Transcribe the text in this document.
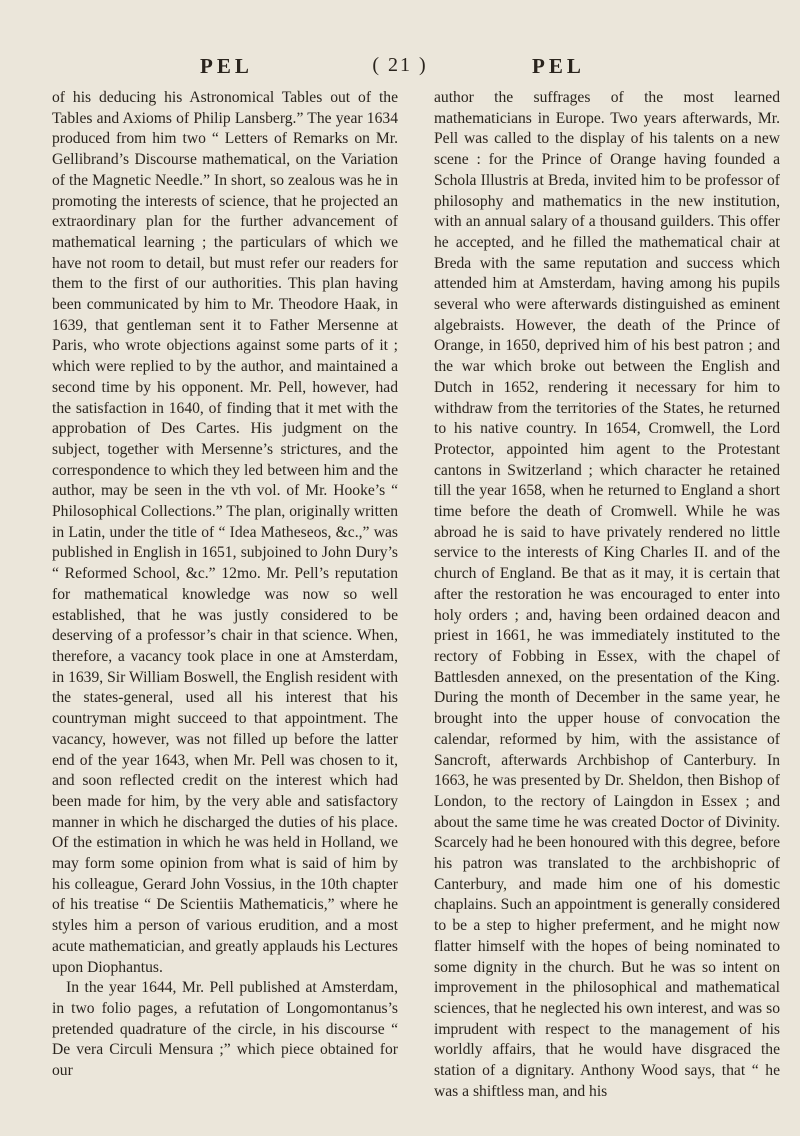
PEL	( 21 )	PEL

of his deducing his Astronomical Tables out of the Tables and Axioms of Philip Lansberg.” The year 1634 produced from him two “ Letters of Remarks on Mr. Gellibrand’s Discourse mathematical, on the Variation of the Magnetic Needle.” In short, so zealous was he in promoting the interests of science, that he projected an extraordinary plan for the further advancement of mathematical learning ; the particulars of which we have not room to detail, but must refer our readers for them to the first of our authorities. This plan having been communicated by him to Mr. Theodore Haak, in 1639, that gentleman sent it to Father Mersenne at Paris, who wrote objections against some parts of it ; which were replied to by the author, and maintained a second time by his opponent. Mr. Pell, however, had the satisfaction in 1640, of finding that it met with the approbation of Des Cartes. His judgment on the subject, together with Mersenne’s strictures, and the correspondence to which they led between him and the author, may be seen in the vth vol. of Mr. Hooke’s “ Philosophical Collections.” The plan, originally written in Latin, under the title of “ Idea Matheseos, &c.,” was published in English in 1651, subjoined to John Dury’s “ Reformed School, &c.” 12mo. Mr. Pell’s reputation for mathematical knowledge was now so well established, that he was justly considered to be deserving of a professor’s chair in that science. When, therefore, a vacancy took place in one at Amsterdam, in 1639, Sir William Boswell, the English resident with the states-general, used all his interest that his countryman might succeed to that appointment. The vacancy, however, was not filled up before the latter end of the year 1643, when Mr. Pell was chosen to it, and soon reflected credit on the interest which had been made for him, by the very able and satisfactory manner in which he discharged the duties of his place. Of the estimation in which he was held in Holland, we may form some opinion from what is said of him by his colleague, Gerard John Vossius, in the 10th chapter of his treatise “ De Scientiis Mathematicis,” where he styles him a person of various erudition, and a most acute mathematician, and greatly applauds his Lectures upon Diophantus.

In the year 1644, Mr. Pell published at Amsterdam, in two folio pages, a refutation of Longomontanus’s pretended quadrature of the circle, in his discourse “ De vera Circuli Mensura ;” which piece obtained for our

author the suffrages of the most learned mathematicians in Europe. Two years afterwards, Mr. Pell was called to the display of his talents on a new scene : for the Prince of Orange having founded a Schola Illustris at Breda, invited him to be professor of philosophy and mathematics in the new institution, with an annual salary of a thousand guilders. This offer he accepted, and he filled the mathematical chair at Breda with the same reputation and success which attended him at Amsterdam, having among his pupils several who were afterwards distinguished as eminent algebraists. However, the death of the Prince of Orange, in 1650, deprived him of his best patron ; and the war which broke out between the English and Dutch in 1652, rendering it necessary for him to withdraw from the territories of the States, he returned to his native country. In 1654, Cromwell, the Lord Protector, appointed him agent to the Protestant cantons in Switzerland ; which character he retained till the year 1658, when he returned to England a short time before the death of Cromwell. While he was abroad he is said to have privately rendered no little service to the interests of King Charles II. and of the church of England. Be that as it may, it is certain that after the restoration he was encouraged to enter into holy orders ; and, having been ordained deacon and priest in 1661, he was immediately instituted to the rectory of Fobbing in Essex, with the chapel of Battlesden annexed, on the presentation of the King. During the month of December in the same year, he brought into the upper house of convocation the calendar, reformed by him, with the assistance of Sancroft, afterwards Archbishop of Canterbury. In 1663, he was presented by Dr. Sheldon, then Bishop of London, to the rectory of Laingdon in Essex ; and about the same time he was created Doctor of Divinity. Scarcely had he been honoured with this degree, before his patron was translated to the archbishopric of Canterbury, and made him one of his domestic chaplains. Such an appointment is generally considered to be a step to higher preferment, and he might now flatter himself with the hopes of being nominated to some dignity in the church. But he was so intent on improvement in the philosophical and mathematical sciences, that he neglected his own interest, and was so imprudent with respect to the management of his worldly affairs, that he would have disgraced the station of a dignitary. Anthony Wood says, that “ he was a shiftless man, and his
